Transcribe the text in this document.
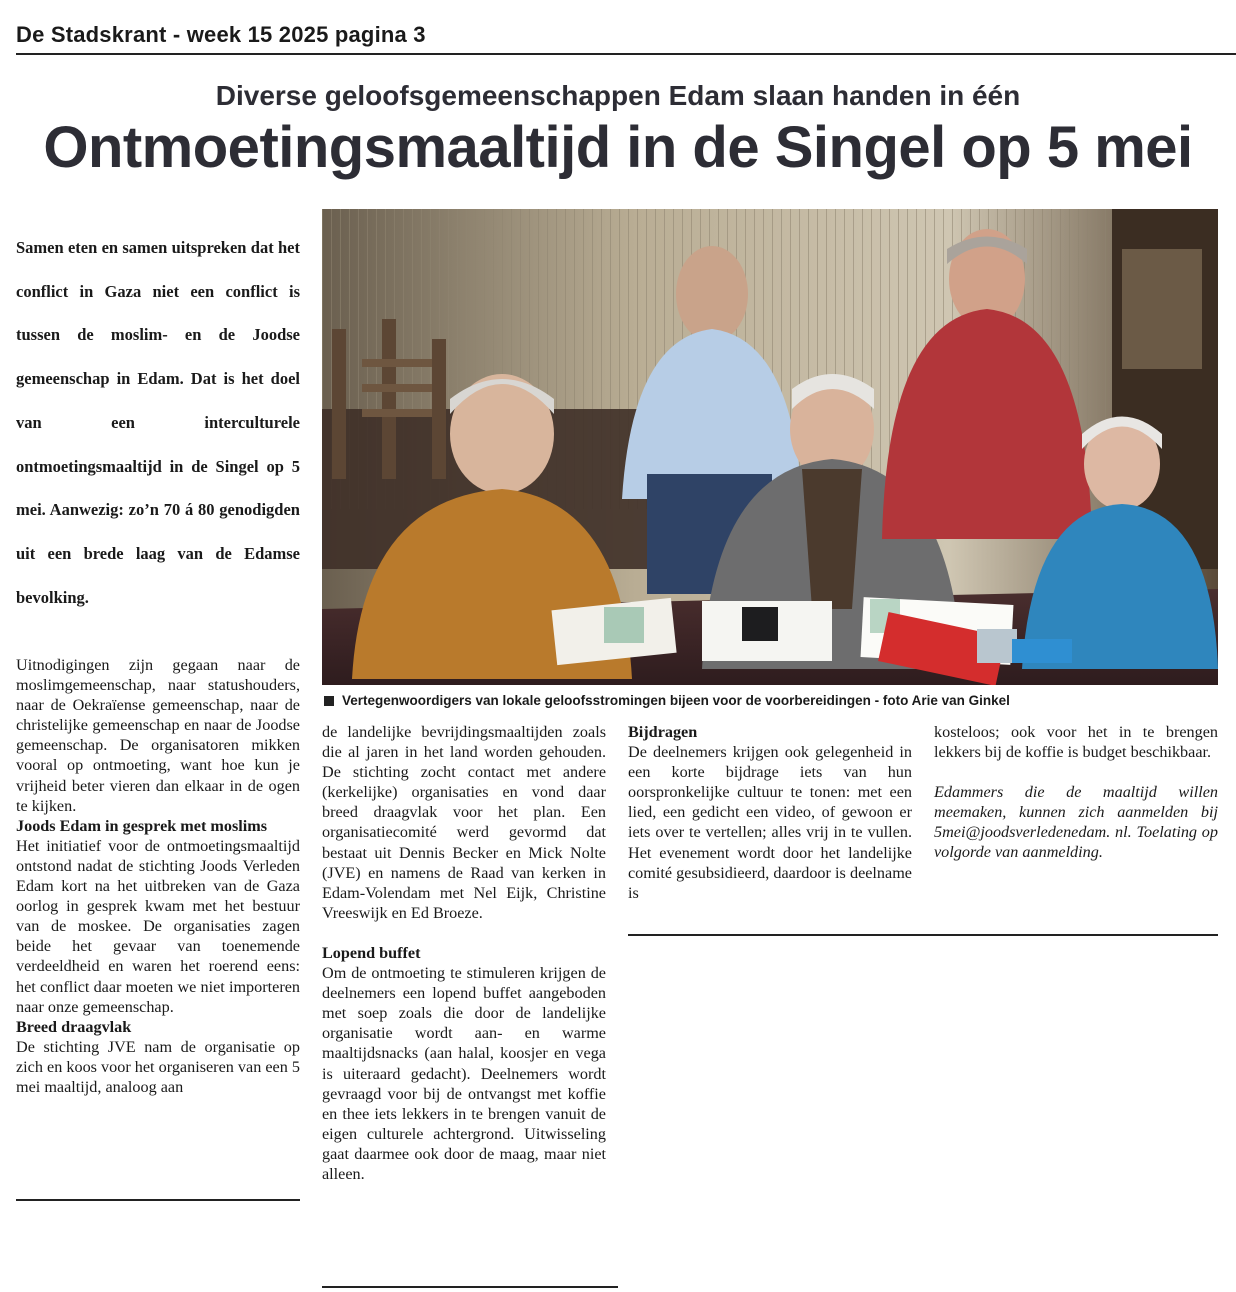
De Stadskrant - week 15 2025 pagina 3
Diverse geloofsgemeenschappen Edam slaan handen in één
Ontmoetingsmaaltijd in de Singel op 5 mei
Samen eten en samen uitspreken dat het conflict in Gaza niet een conflict is tussen de moslim- en de Joodse gemeenschap in Edam. Dat is het doel van een interculturele ontmoetingsmaaltijd in de Singel op 5 mei. Aanwezig: zo’n 70 á 80 genodigden uit een brede laag van de Edamse bevolking.
Vertegenwoordigers van lokale geloofsstromingen bijeen voor de voorbereidingen - foto Arie van Ginkel

Uitnodigingen zijn gegaan naar de moslimgemeenschap, naar statushouders, naar de Oekraïense gemeenschap, naar de christelijke gemeenschap en naar de Joodse gemeenschap. De organisatoren mikken vooral op ontmoeting, want hoe kun je vrijheid beter vieren dan elkaar in de ogen te kijken.

Joods Edam in gesprek met moslims

Het initiatief voor de ontmoetingsmaaltijd ontstond nadat de stichting Joods Verleden Edam kort na het uitbreken van de Gaza oorlog in gesprek kwam met het bestuur van de moskee. De organisaties zagen beide het gevaar van toenemende verdeeldheid en waren het roerend eens: het conflict daar moeten we niet importeren naar onze gemeenschap.

Breed draagvlak

De stichting JVE nam de organisatie op zich en koos voor het organiseren van een 5 mei maaltijd, analoog aan

de landelijke bevrijdingsmaaltijden zoals die al jaren in het land worden gehouden. De stichting zocht contact met andere (kerkelijke) organisaties en vond daar breed draagvlak voor het plan. Een organisatiecomité werd gevormd dat bestaat uit Dennis Becker en Mick Nolte (JVE) en namens de Raad van kerken in Edam-Volendam met Nel Eijk, Christine Vreeswijk en Ed Broeze.

Lopend buffet

Om de ontmoeting te stimuleren krijgen de deelnemers een lopend buffet aangeboden met soep zoals die door de landelijke organisatie wordt aan- en warme maaltijdsnacks (aan halal, koosjer en vega is uiteraard gedacht). Deelnemers wordt gevraagd voor bij de ontvangst met koffie en thee iets lekkers in te brengen vanuit de eigen culturele achtergrond. Uitwisseling gaat daarmee ook door de maag, maar niet alleen.

Bijdragen

De deelnemers krijgen ook gelegenheid in een korte bijdrage iets van hun oorspronkelijke cultuur te tonen: met een lied, een gedicht een video, of gewoon er iets over te vertellen; alles vrij in te vullen. Het evenement wordt door het landelijke comité gesubsidieerd, daardoor is deelname is

kosteloos; ook voor het in te brengen lekkers bij de koffie is budget beschikbaar.

Edammers die de maaltijd willen meemaken, kunnen zich aanmelden bij 5mei@joodsverledenedam. nl. Toelating op volgorde van aanmelding.
